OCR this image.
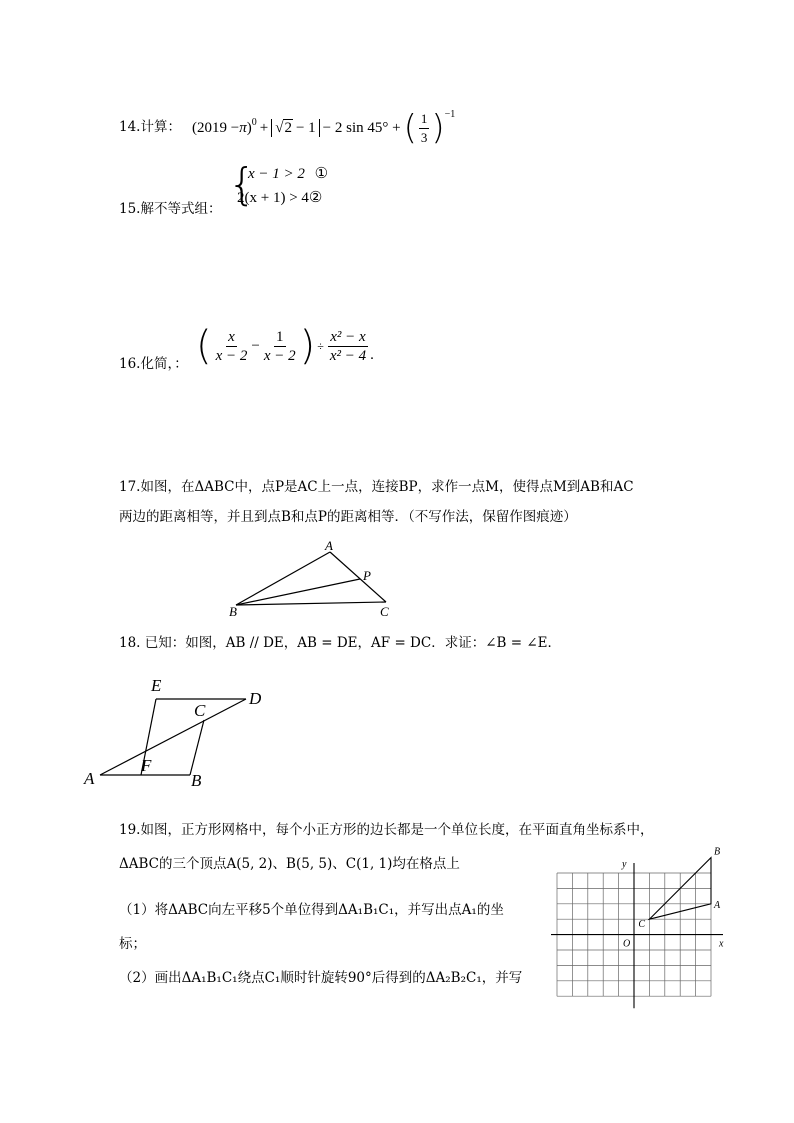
14.计算： (2019 − π )$^0$ + √ 2 − 1 − 2 sin 45° + ( $\frac{1}{3} )^{-1}$
15.解不等式组： {
x − 1 > 2 ①
2(x + 1) > 4②
16.化简，： ( $\frac{x}{x - 2} - \frac{1}{x - 2}$ ) ÷ $\frac{\text{x² − x}}{\text{x² − 4}}$ .
17.如图，在ΔABC中，点P是AC上一点，连接BP，求作一点M，使得点M到AB和AC
两边的距离相等，并且到点B和点P的距离相等．（不写作法，保留作图痕迹）
A
P
B	C
18. 已知：如图，AB // DE，AB = DE，AF = DC．求证：∠B = ∠E．
E
C
D
F
A	B
19.如图，正方形网格中，每个小正方形的边长都是一个单位长度，在平面直角坐标系中，
ΔABC的三个顶点A(5, 2)、B(5, 5)、C(1, 1)均在格点上
（1）将ΔABC向左平移5个单位得到ΔA₁B₁C₁，并写出点A₁的坐
标；
（2）画出ΔA₁B₁C₁绕点C₁顺时针旋转90°后得到的ΔA₂B₂C₁，并写
y
x
O
A
B
C
